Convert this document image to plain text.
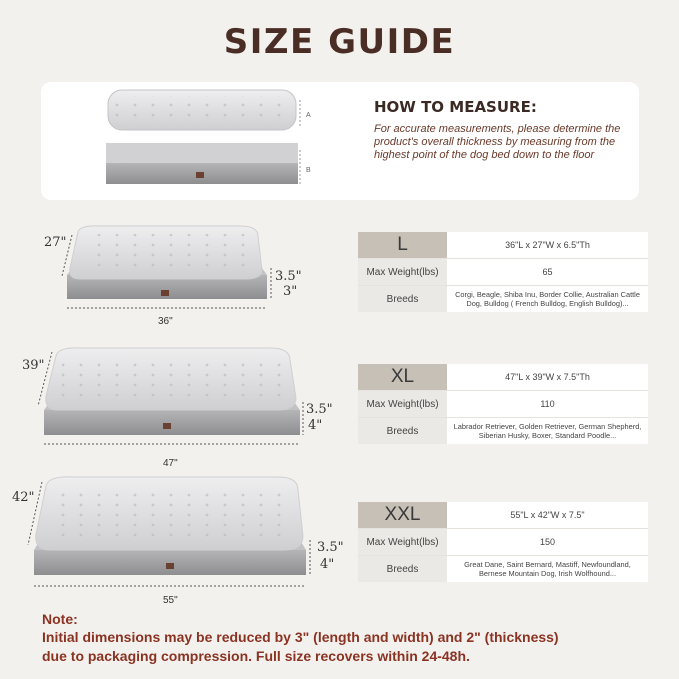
SIZE GUIDE
A
B
HOW TO MEASURE:
For accurate measurements, please determine the product's overall thickness by measuring from the highest point of the dog bed down to the floor
27"
3.5"
3"
36"
39"
3.5"
4"
47"
42"
3.5"
4"
55"
L	36"L x 27"W x 6.5"Th
Max Weight(lbs)	65
Breeds	Corgi, Beagle, Shiba Inu, Border Collie, Australian Cattle Dog, Bulldog ( French Bulldog, English Bulldog)...
XL	47"L x 39"W x 7.5"Th
Max Weight(lbs)	110
Breeds	Labrador Retriever, Golden Retriever, German Shepherd, Siberian Husky, Boxer, Standard Poodle...
XXL	55"L x 42"W x 7.5"
Max Weight(lbs)	150
Breeds	Great Dane, Saint Bernard, Mastiff, Newfoundland, Bernese Mountain Dog, Irish Wolfhound...
Note:
Initial dimensions may be reduced by 3" (length and width) and 2" (thickness)
due to packaging compression. Full size recovers within 24-48h.
